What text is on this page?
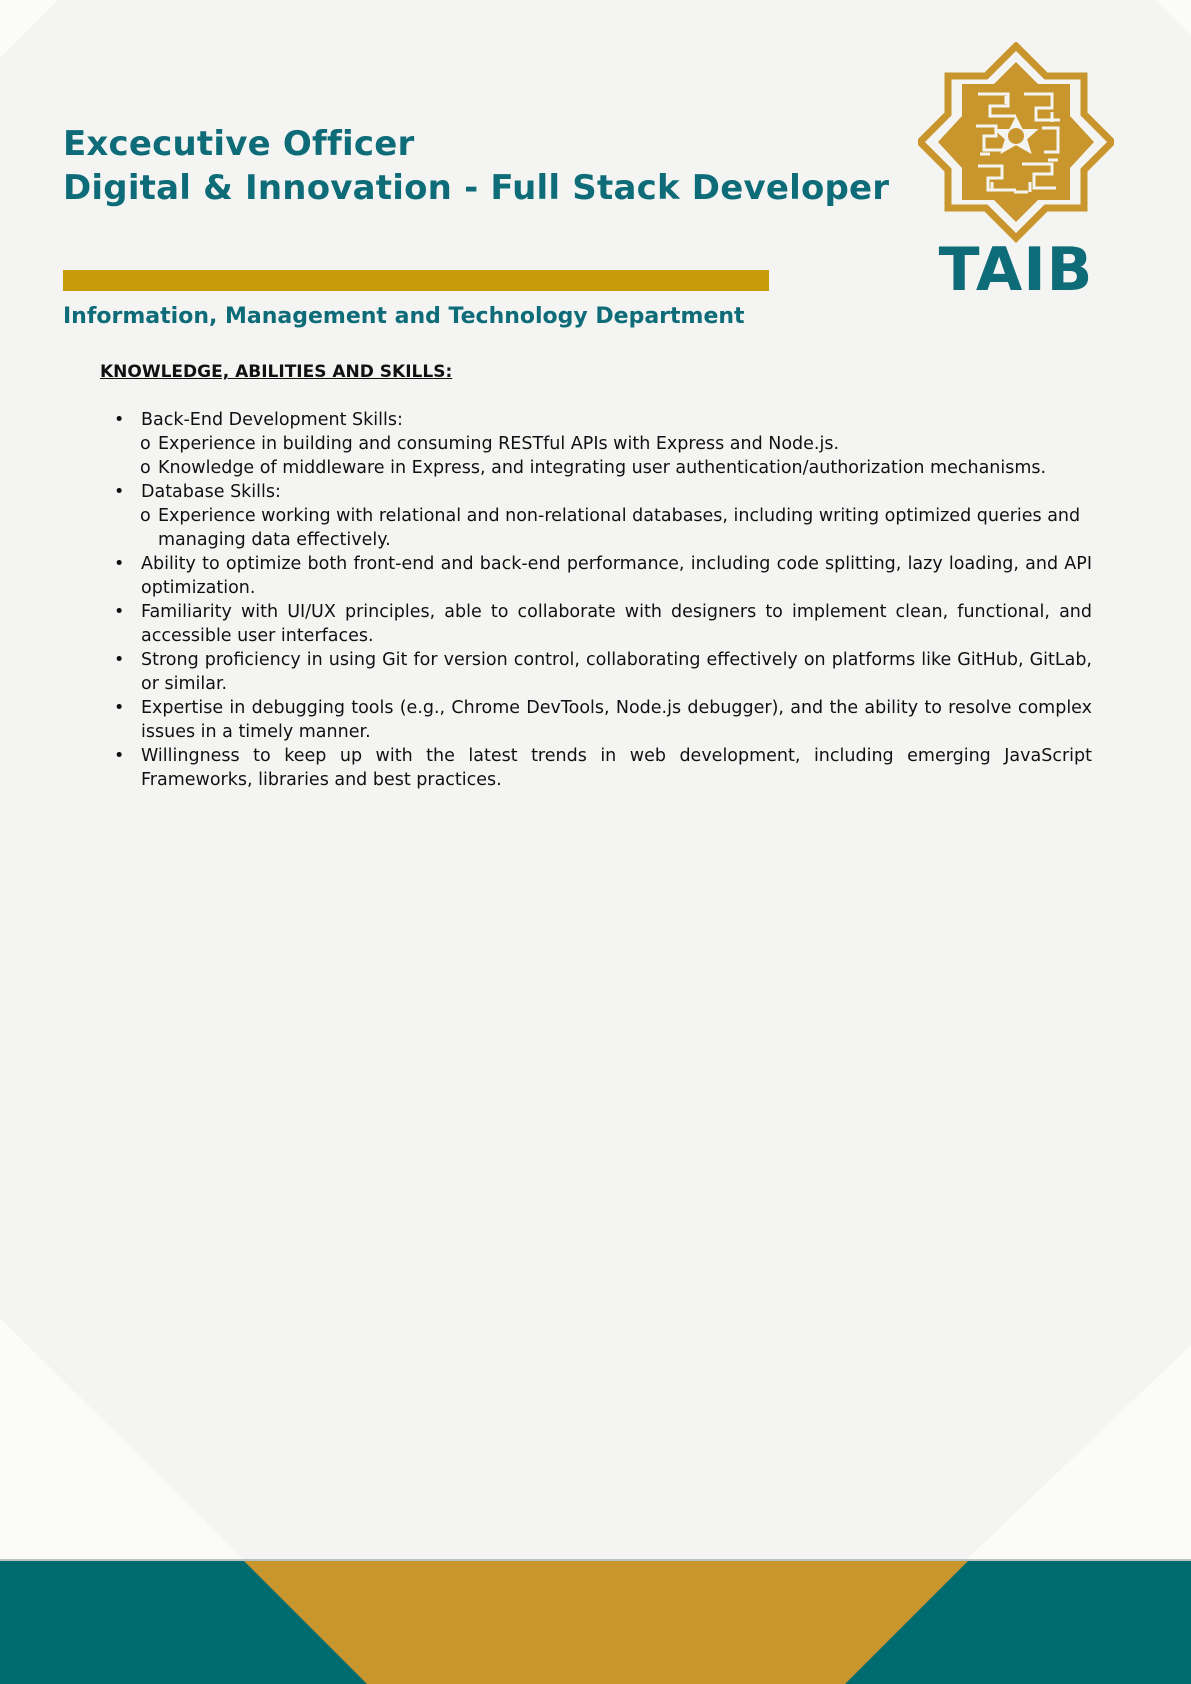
Excecutive Officer
Digital & Innovation - Full Stack Developer
Information, Management and Technology Department
TAIB
KNOWLEDGE, ABILITIES AND SKILLS:
• Back-End Development Skills:
o Experience in building and consuming RESTful APIs with Express and Node.js.
o Knowledge of middleware in Express, and integrating user authentication/authorization mechanisms.
• Database Skills:
o Experience working with relational and non-relational databases, including writing optimized queries and managing data effectively.
• Ability to optimize both front-end and back-end performance, including code splitting, lazy loading, and API optimization.
• Familiarity with UI/UX principles, able to collaborate with designers to implement clean, functional, and accessible user interfaces.
• Strong proficiency in using Git for version control, collaborating effectively on platforms like GitHub, GitLab, or similar.
• Expertise in debugging tools (e.g., Chrome DevTools, Node.js debugger), and the ability to resolve complex issues in a timely manner.
• Willingness to keep up with the latest trends in web development, including emerging JavaScript Frameworks, libraries and best practices.
